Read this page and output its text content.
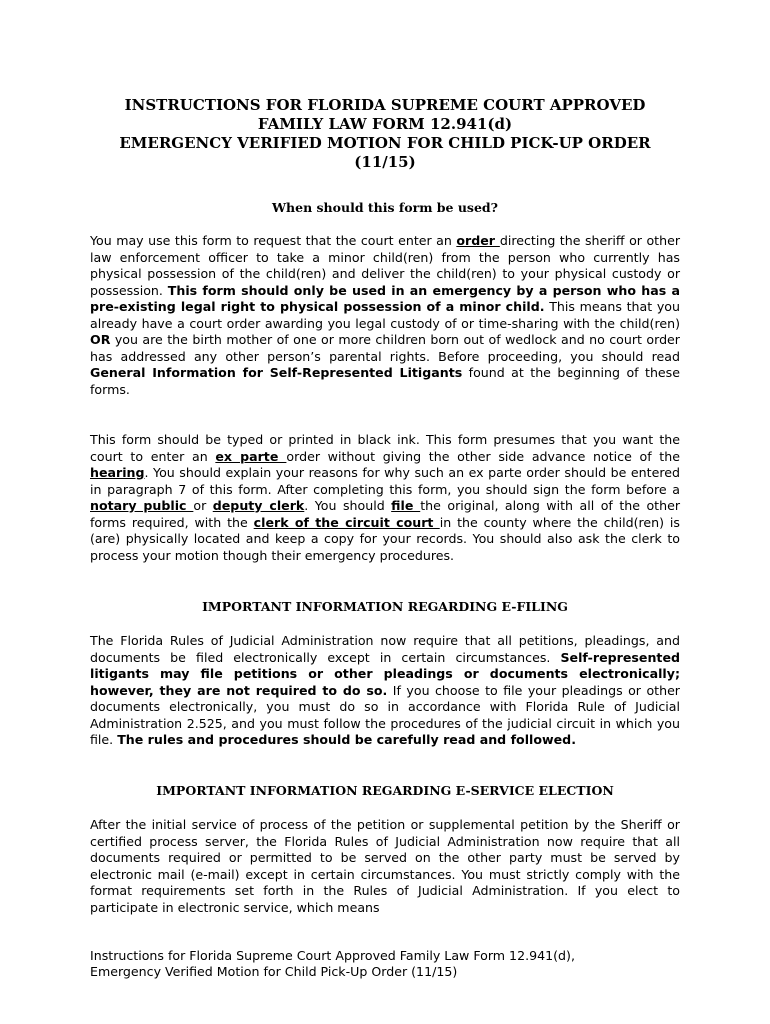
INSTRUCTIONS FOR FLORIDA SUPREME COURT APPROVED
FAMILY LAW FORM 12.941(d)
EMERGENCY VERIFIED MOTION FOR CHILD PICK-UP ORDER
(11/15)
When should this form be used?
You may use this form to request that the court enter an order directing the sheriff or other law enforcement officer to take a minor child(ren) from the person who currently has physical possession of the child(ren) and deliver the child(ren) to your physical custody or possession. This form should only be used in an emergency by a person who has a pre-existing legal right to physical possession of a minor child. This means that you already have a court order awarding you legal custody of or time-sharing with the child(ren) OR you are the birth mother of one or more children born out of wedlock and no court order has addressed any other person’s parental rights. Before proceeding, you should read General Information for Self-Represented Litigants found at the beginning of these forms.
This form should be typed or printed in black ink. This form presumes that you want the court to enter an ex parte order without giving the other side advance notice of the hearing. You should explain your reasons for why such an ex parte order should be entered in paragraph 7 of this form. After completing this form, you should sign the form before a notary public or deputy clerk. You should file the original, along with all of the other forms required, with the clerk of the circuit court in the county where the child(ren) is (are) physically located and keep a copy for your records. You should also ask the clerk to process your motion though their emergency procedures.
IMPORTANT INFORMATION REGARDING E-FILING
The Florida Rules of Judicial Administration now require that all petitions, pleadings, and documents be filed electronically except in certain circumstances. Self-represented litigants may file petitions or other pleadings or documents electronically; however, they are not required to do so. If you choose to file your pleadings or other documents electronically, you must do so in accordance with Florida Rule of Judicial Administration 2.525, and you must follow the procedures of the judicial circuit in which you file. The rules and procedures should be carefully read and followed.
IMPORTANT INFORMATION REGARDING E-SERVICE ELECTION
After the initial service of process of the petition or supplemental petition by the Sheriff or certified process server, the Florida Rules of Judicial Administration now require that all documents required or permitted to be served on the other party must be served by electronic mail (e-mail) except in certain circumstances. You must strictly comply with the format requirements set forth in the Rules of Judicial Administration. If you elect to participate in electronic service, which means
Instructions for Florida Supreme Court Approved Family Law Form 12.941(d),
Emergency Verified Motion for Child Pick-Up Order (11/15)
